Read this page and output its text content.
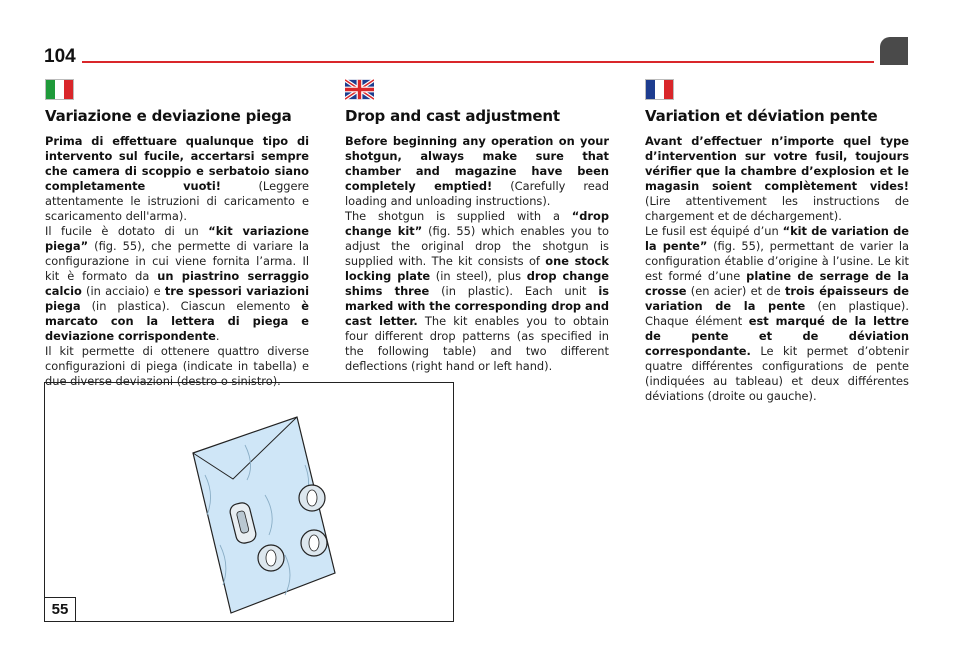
104
Variazione e deviazione piega

Prima di effettuare qualunque tipo di intervento sul fucile, accertarsi sempre che camera di scoppio e serbatoio siano completamente vuoti! (Leggere attentamente le istruzioni di caricamento e scaricamento dell'arma).

Il fucile è dotato di un “kit variazione piega” (fig. 55), che permette di variare la configurazione in cui viene fornita l’arma. Il kit è formato da un piastrino serraggio calcio (in acciaio) e tre spessori variazioni piega (in plastica). Ciascun elemento è marcato con la lettera di piega e deviazione corrispondente.

Il kit permette di ottenere quattro diverse configurazioni di piega (indicate in tabella) e due diverse deviazioni (destro o sinistro).

Drop and cast adjustment

Before beginning any operation on your shotgun, always make sure that chamber and magazine have been completely emptied! (Carefully read loading and unloading instructions).

The shotgun is supplied with a “drop change kit” (fig. 55) which enables you to adjust the original drop the shotgun is supplied with. The kit consists of one stock locking plate (in steel), plus drop change shims three (in plastic). Each unit is marked with the corresponding drop and cast letter. The kit enables you to obtain four different drop patterns (as specified in the following table) and two different deflections (right hand or left hand).

Variation et déviation pente

Avant d’effectuer n’importe quel type d’intervention sur votre fusil, toujours vérifier que la chambre d’explosion et le magasin soient complètement vides! (Lire attentivement les instructions de chargement et de déchargement).

Le fusil est équipé d’un “kit de variation de la pente” (fig. 55), permettant de varier la configuration établie d’origine à l’usine. Le kit est formé d’une platine de serrage de la crosse (en acier) et de trois épaisseurs de variation de la pente (en plastique). Chaque élément est marqué de la lettre de pente et de déviation correspondante. Le kit permet d’obtenir quatre différentes configurations de pente (indiquées au tableau) et deux différentes déviations (droite ou gauche).

55
